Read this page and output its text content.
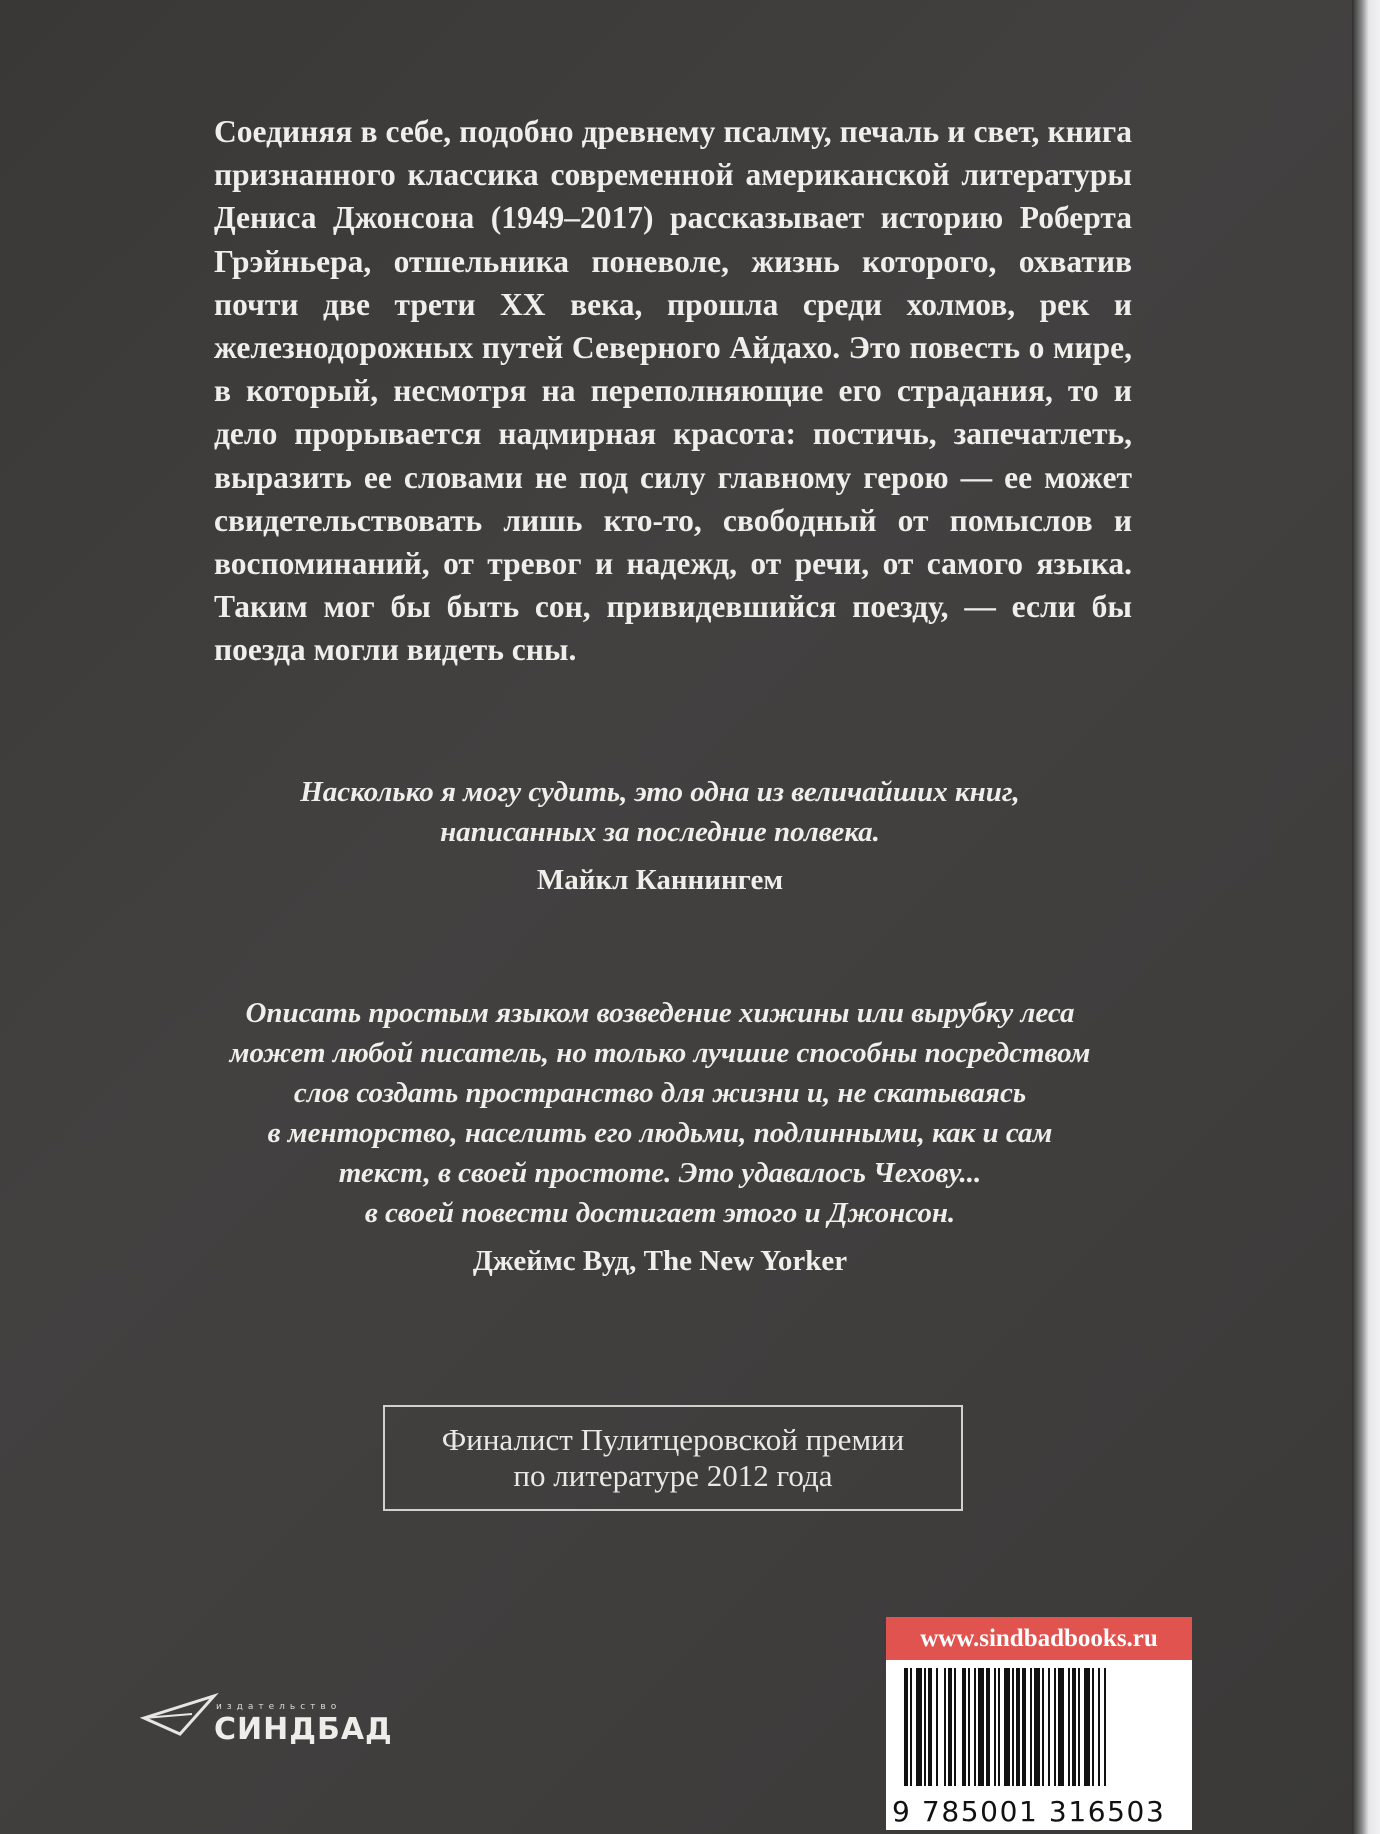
Соединяя в себе, подобно древнему псалму, печаль и свет, книга признанного классика современной американской литературы Дениса Джонсона (1949–2017) рассказывает историю Роберта Грэйньера, отшельника поневоле, жизнь которого, охватив почти две трети XX века, прошла среди холмов, рек и железнодорожных путей Северного Айдахо. Это повесть о мире, в который, несмотря на переполняющие его страдания, то и дело прорывается надмирная красота: постичь, запечатлеть, выразить ее словами не под силу главному герою — ее может свидетельствовать лишь кто-то, свободный от помыслов и воспоминаний, от тревог и надежд, от речи, от самого языка. Таким мог бы быть сон, привидевшийся поезду, — если бы поезда могли видеть сны.

Насколько я могу судить, это одна из величайших книг,
написанных за последние полвека.

Майкл Каннингем

Описать простым языком возведение хижины или вырубку леса
может любой писатель, но только лучшие способны посредством
слов создать пространство для жизни и, не скатываясь
в менторство, населить его людьми, подлинными, как и сам
текст, в своей простоте. Это удавалось Чехову...
в своей повести достигает этого и Джонсон.

Джеймс Вуд, The New Yorker

Финалист Пулитцеровской премии
по литературе 2012 года
издательство
СИНДБАД
www.sindbadbooks.ru
9 785001 316503
